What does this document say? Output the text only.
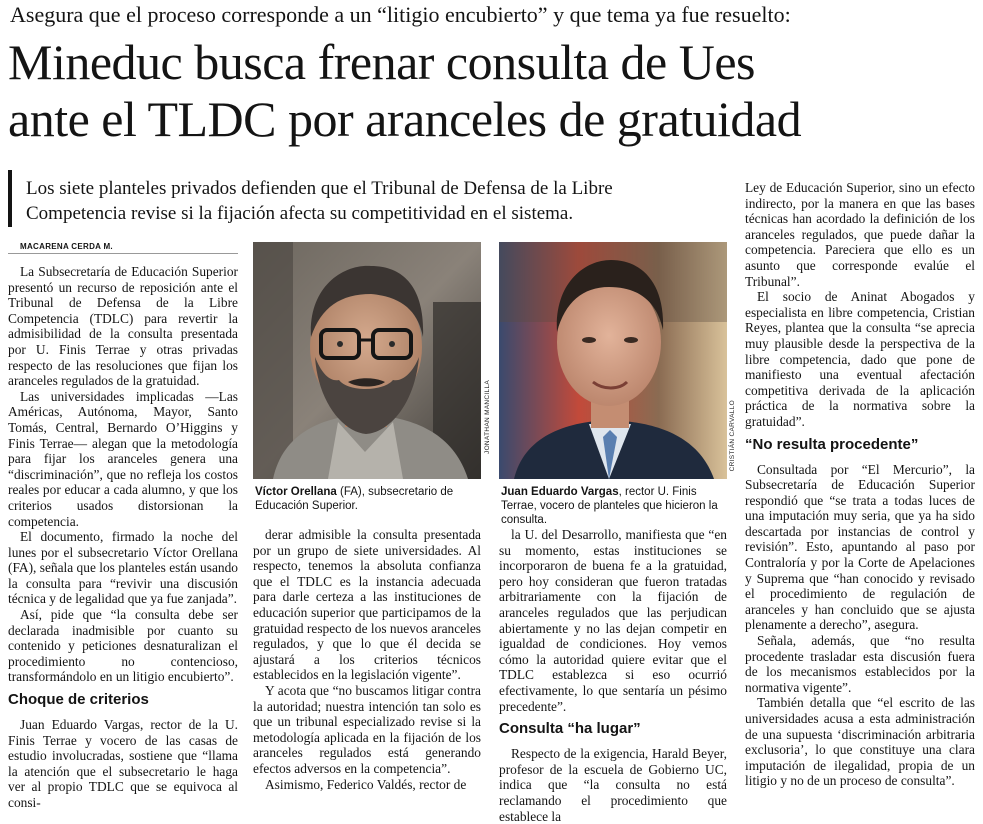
Asegura que el proceso corresponde a un “litigio encubierto” y que tema ya fue resuelto:
Mineduc busca frenar consulta de Ues
ante el TLDC por aranceles de gratuidad
Los siete planteles privados defienden que el Tribunal de Defensa de la Libre
Competencia revise si la fijación afecta su competitividad en el sistema.
MACARENA CERDA M.

La Subsecretaría de Educación Superior presentó un recurso de reposición ante el Tribunal de Defensa de la Libre Competencia (TDLC) para revertir la admisibilidad de la consulta presentada por U. Finis Terrae y otras privadas respecto de las resoluciones que fijan los aranceles regulados de la gratuidad.

Las universidades implicadas —Las Américas, Autónoma, Mayor, Santo Tomás, Central, Bernardo O’Higgins y Finis Terrae— alegan que la metodología para fijar los aranceles genera una “discriminación”, que no refleja los costos reales por educar a cada alumno, y que los criterios usados distorsionan la competencia.

El documento, firmado la noche del lunes por el subsecretario Víctor Orellana (FA), señala que los planteles están usando la consulta para “revivir una discusión técnica y de legalidad que ya fue zanjada”.

Así, pide que “la consulta debe ser declarada inadmisible por cuanto su contenido y peticiones desnaturalizan el procedimiento no contencioso, transformándolo en un litigio encubierto”.

Choque de criterios

Juan Eduardo Vargas, rector de la U. Finis Terrae y vocero de las casas de estudio involucradas, sostiene que “llama la atención que el subsecretario le haga ver al propio TDLC que se equivoca al consi-

JONATHAN MANCILLA
Víctor Orellana (FA), subsecretario de Educación Superior.
CRISTIÁN CARVALLO
Juan Eduardo Vargas, rector U. Finis Terrae, vocero de planteles que hicieron la consulta.

derar admisible la consulta presentada por un grupo de siete universidades. Al respecto, tenemos la absoluta confianza que el TDLC es la instancia adecuada para darle certeza a las instituciones de educación superior que participamos de la gratuidad respecto de los nuevos aranceles regulados, y que lo que él decida se ajustará a los criterios técnicos establecidos en la legislación vigente”.

Y acota que “no buscamos litigar contra la autoridad; nuestra intención tan solo es que un tribunal especializado revise si la metodología aplicada en la fijación de los aranceles regulados está generando efectos adversos en la competencia”.

Asimismo, Federico Valdés, rector de

la U. del Desarrollo, manifiesta que “en su momento, estas instituciones se incorporaron de buena fe a la gratuidad, pero hoy consideran que fueron tratadas arbitrariamente con la fijación de aranceles regulados que las perjudican abiertamente y no las dejan competir en igualdad de condiciones. Hoy vemos cómo la autoridad quiere evitar que el TDLC establezca si eso ocurrió efectivamente, lo que sentaría un pésimo precedente”.

Consulta “ha lugar”

Respecto de la exigencia, Harald Beyer, profesor de la escuela de Gobierno UC, indica que “la consulta no está reclamando el procedimiento que establece la

Ley de Educación Superior, sino un efecto indirecto, por la manera en que las bases técnicas han acordado la definición de los aranceles regulados, que puede dañar la competencia. Pareciera que ello es un asunto que corresponde evalúe el Tribunal”.

El socio de Aninat Abogados y especialista en libre competencia, Cristian Reyes, plantea que la consulta “se aprecia muy plausible desde la perspectiva de la libre competencia, dado que pone de manifiesto una eventual afectación competitiva derivada de la aplicación práctica de la normativa sobre la gratuidad”.

“No resulta procedente”

Consultada por “El Mercurio”, la Subsecretaría de Educación Superior respondió que “se trata a todas luces de una imputación muy seria, que ya ha sido descartada por instancias de control y revisión”. Esto, apuntando al paso por Contraloría y por la Corte de Apelaciones y Suprema que “han conocido y revisado el procedimiento de regulación de aranceles y han concluido que se ajusta plenamente a derecho”, asegura.

Señala, además, que “no resulta procedente trasladar esta discusión fuera de los mecanismos establecidos por la normativa vigente”.

También detalla que “el escrito de las universidades acusa a esta administración de una supuesta ‘discriminación arbitraria exclusoria’, lo que constituye una clara imputación de ilegalidad, propia de un litigio y no de un proceso de consulta”.
